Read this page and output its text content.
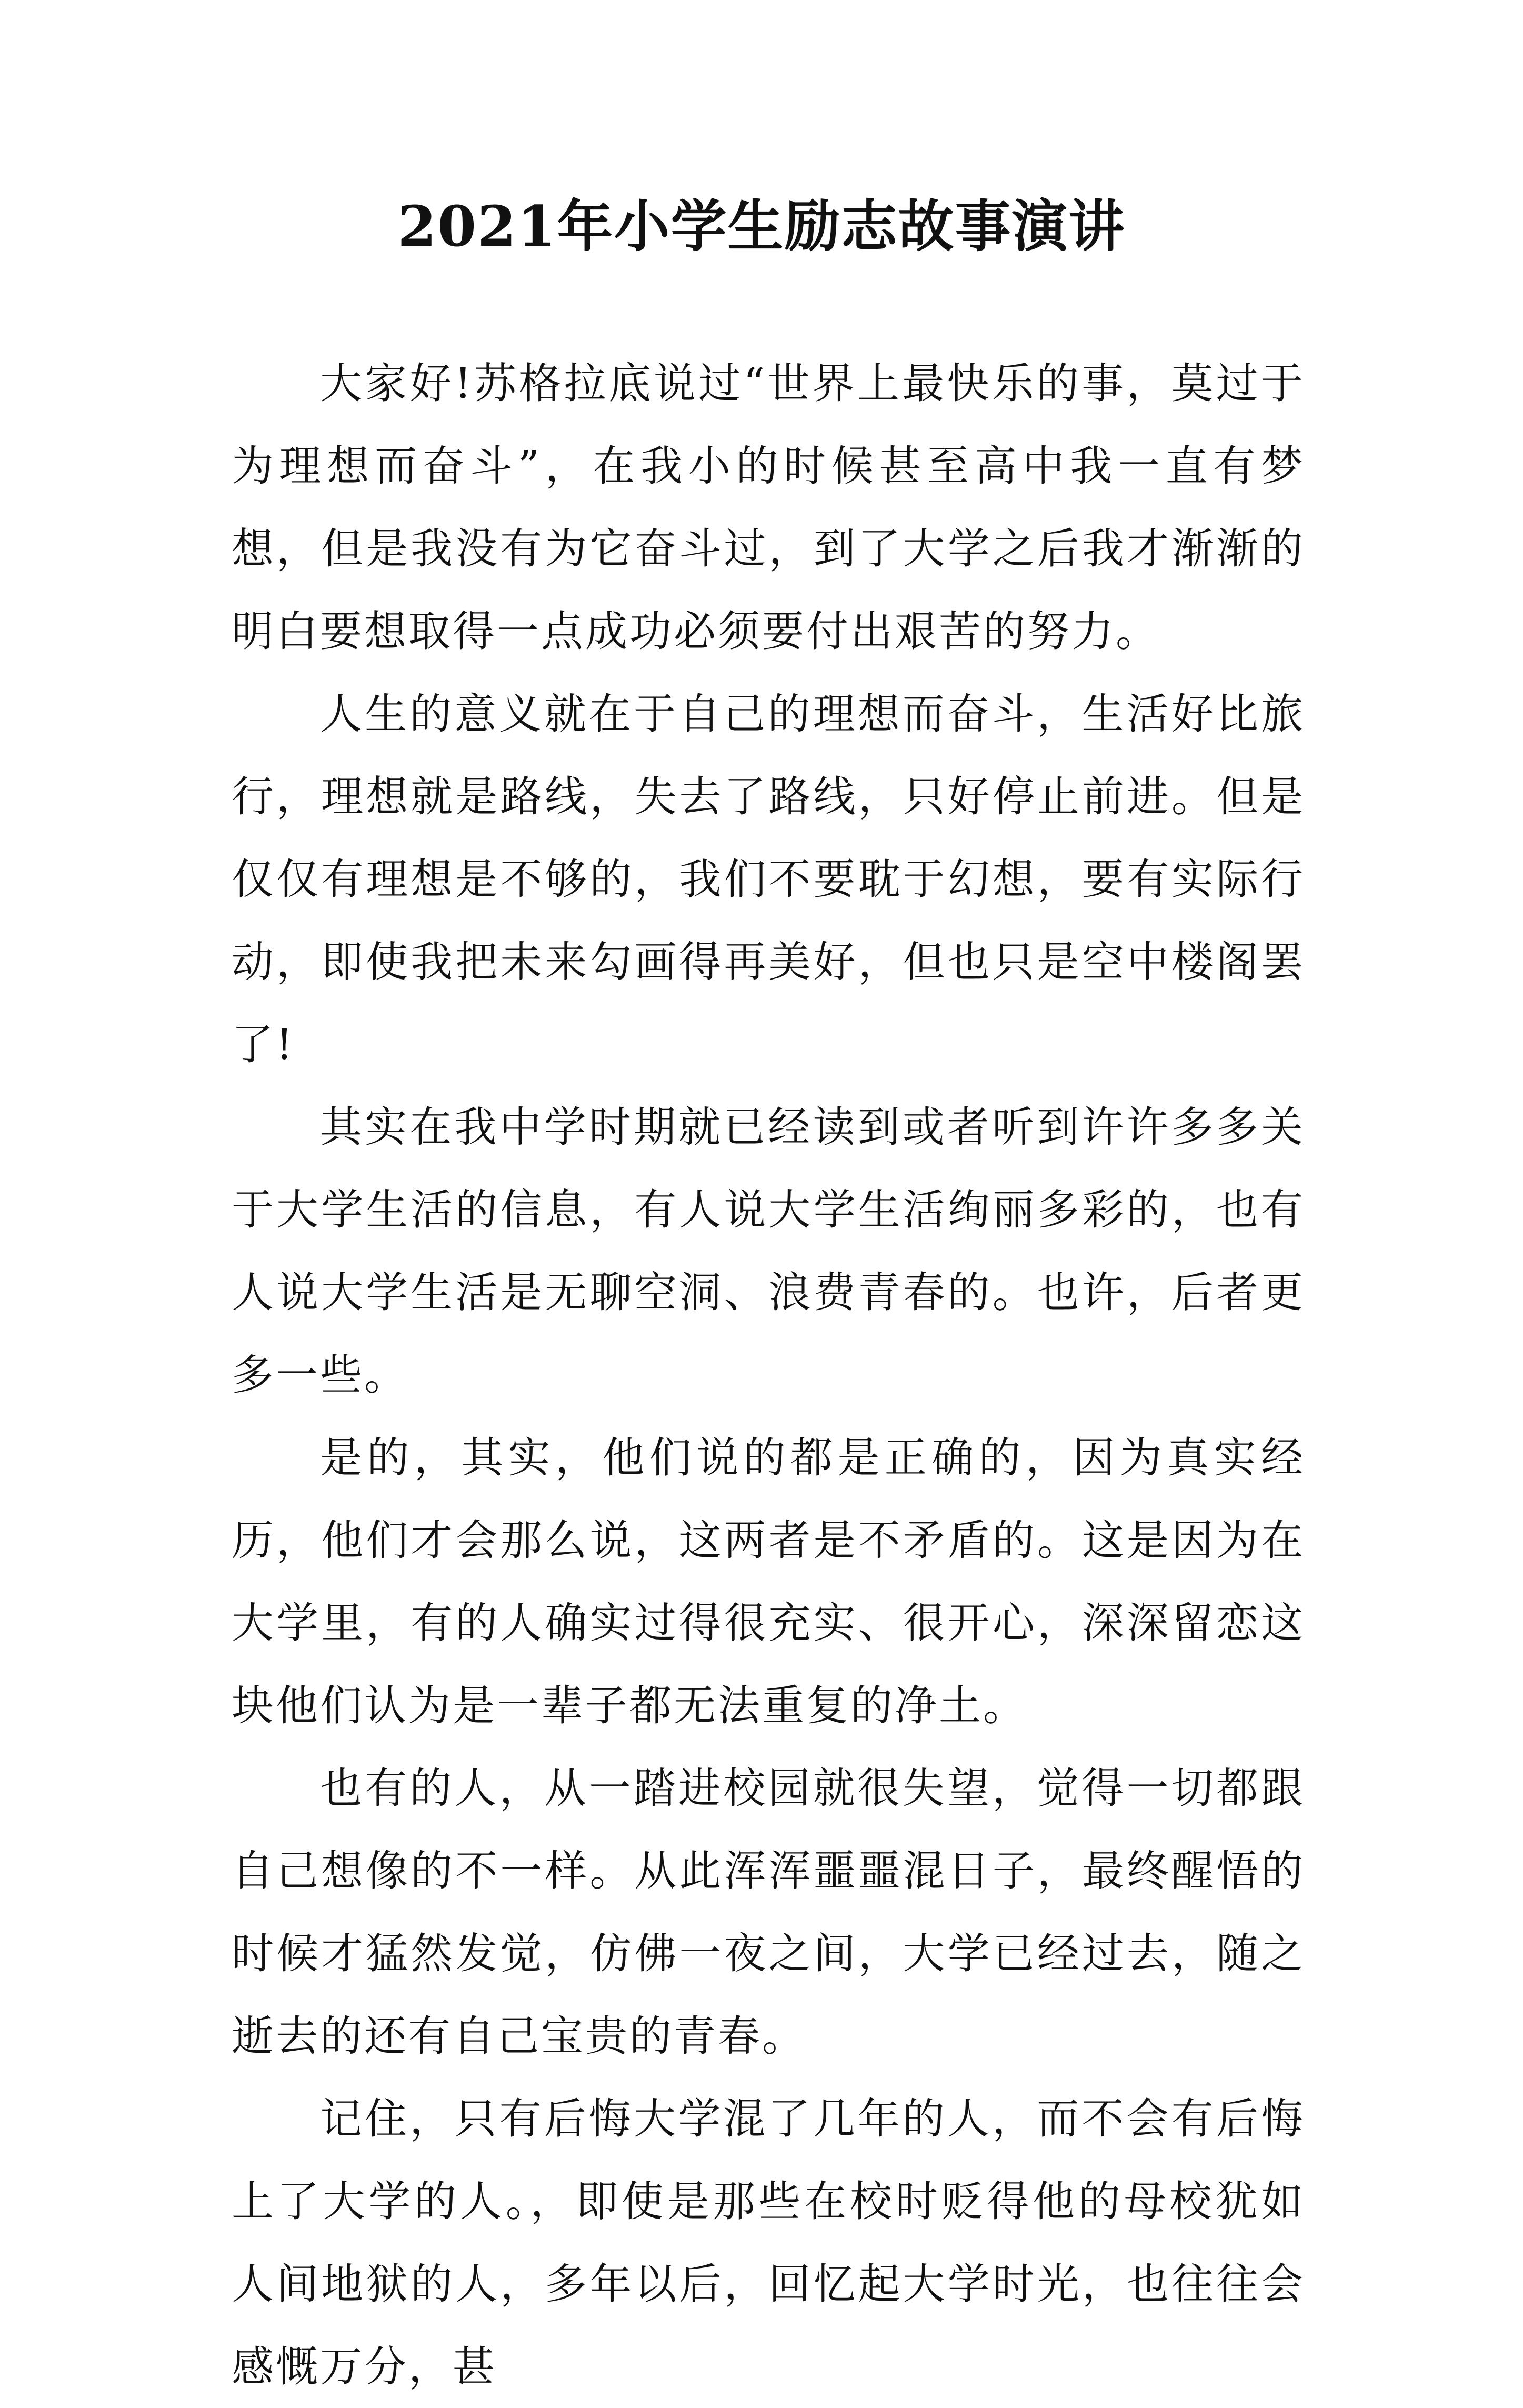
2021年小学生励志故事演讲

大家好!苏格拉底说过“世界上最快乐的事，莫过于为理想而奋斗”，在我小的时候甚至高中我一直有梦想，但是我没有为它奋斗过，到了大学之后我才渐渐的明白要想取得一点成功必须要付出艰苦的努力。

人生的意义就在于自己的理想而奋斗，生活好比旅行，理想就是路线，失去了路线，只好停止前进。但是仅仅有理想是不够的，我们不要耽于幻想，要有实际行动，即使我把未来勾画得再美好，但也只是空中楼阁罢了!

其实在我中学时期就已经读到或者听到许许多多关于大学生活的信息，有人说大学生活绚丽多彩的，也有人说大学生活是无聊空洞、浪费青春的。也许，后者更多一些。

是的，其实，他们说的都是正确的，因为真实经历，他们才会那么说，这两者是不矛盾的。这是因为在大学里，有的人确实过得很充实、很开心，深深留恋这块他们认为是一辈子都无法重复的净土。

也有的人，从一踏进校园就很失望，觉得一切都跟自己想像的不一样。从此浑浑噩噩混日子，最终醒悟的时候才猛然发觉，仿佛一夜之间，大学已经过去，随之逝去的还有自己宝贵的青春。

记住，只有后悔大学混了几年的人，而不会有后悔上了大学的人。，即使是那些在校时贬得他的母校犹如人间地狱的人，多年以后，回忆起大学时光，也往往会感慨万分，甚
